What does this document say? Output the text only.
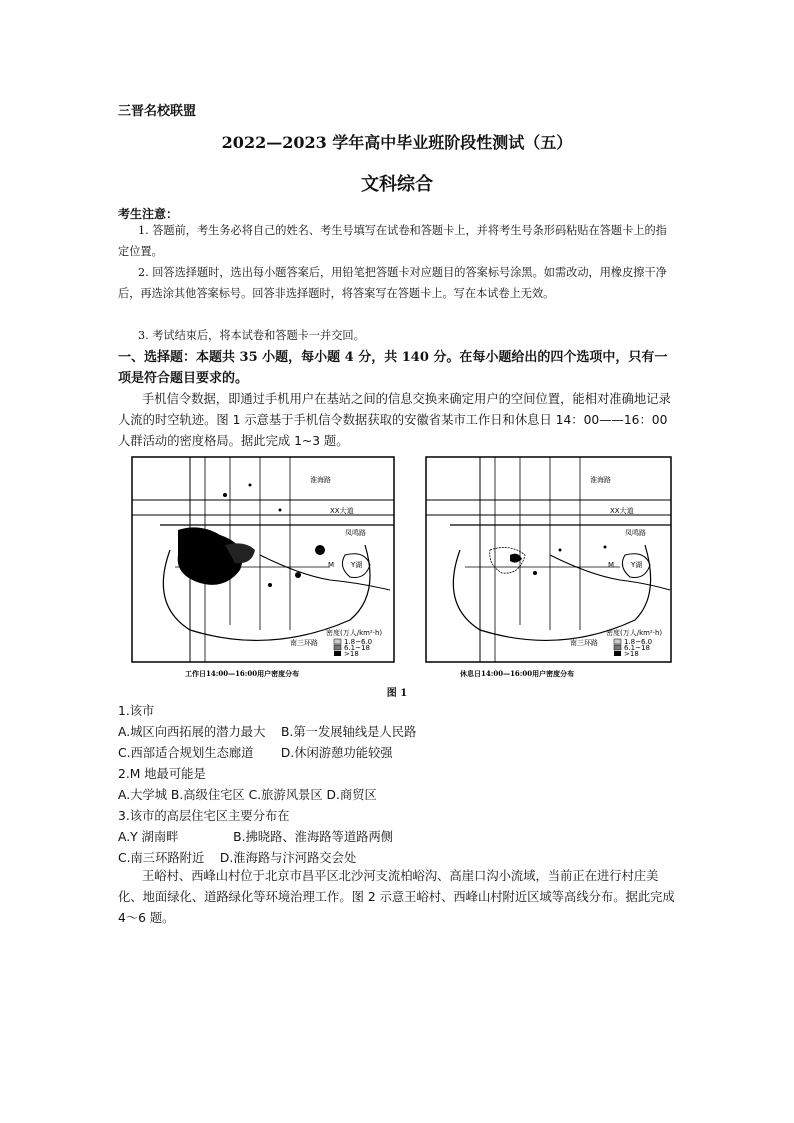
三晋名校联盟
2022—2023 学年高中毕业班阶段性测试（五）
文科综合
考生注意：
1. 答题前，考生务必将自己的姓名、考生号填写在试卷和答题卡上，并将考生号条形码粘贴在答题卡上的指定位置。
2. 回答选择题时，选出每小题答案后，用铅笔把答题卡对应题目的答案标号涂黑。如需改动，用橡皮擦干净后，再选涂其他答案标号。回答非选择题时，将答案写在答题卡上。写在本试卷上无效。
3. 考试结束后，将本试卷和答题卡一并交回。
一、选择题：本题共 35 小题，每小题 4 分，共 140 分。在每小题给出的四个选项中，只有一项是符合题目要求的。
手机信令数据，即通过手机用户在基站之间的信息交换来确定用户的空间位置，能相对准确地记录人流的时空轨迹。图 1 示意基于手机信令数据获取的安徽省某市工作日和休息日 14：00——16：00 人群活动的密度格局。据此完成 1~3 题。
Y湖
M
淮海路
XX大道
凤鸣路
南三环路
密度(万人/km²·h)
1.8~6.0
6.1~18
>18
工作日14:00—16:00用户密度分布
Y湖
M
淮海路
XX大道
凤鸣路
南三环路
密度(万人/km²·h)
1.8~6.0
6.1~18
>18
休息日14:00—16:00用户密度分布
图 1
1.该市
A.城区向西拓展的潜力最大    B.第一发展轴线是人民路
C.西部适合规划生态廊道       D.休闲游憩功能较强
2.M 地最可能是
A.大学城 B.高级住宅区 C.旅游风景区 D.商贸区
3.该市的高层住宅区主要分布在
A.Y 湖南畔              B.拂晓路、淮海路等道路两侧
C.南三环路附近    D.淮海路与汴河路交会处
王峪村、西峰山村位于北京市昌平区北沙河支流柏峪沟、高崖口沟小流域，当前正在进行村庄美化、地面绿化、道路绿化等环境治理工作。图 2 示意王峪村、西峰山村附近区域等高线分布。据此完成 4～6 题。
